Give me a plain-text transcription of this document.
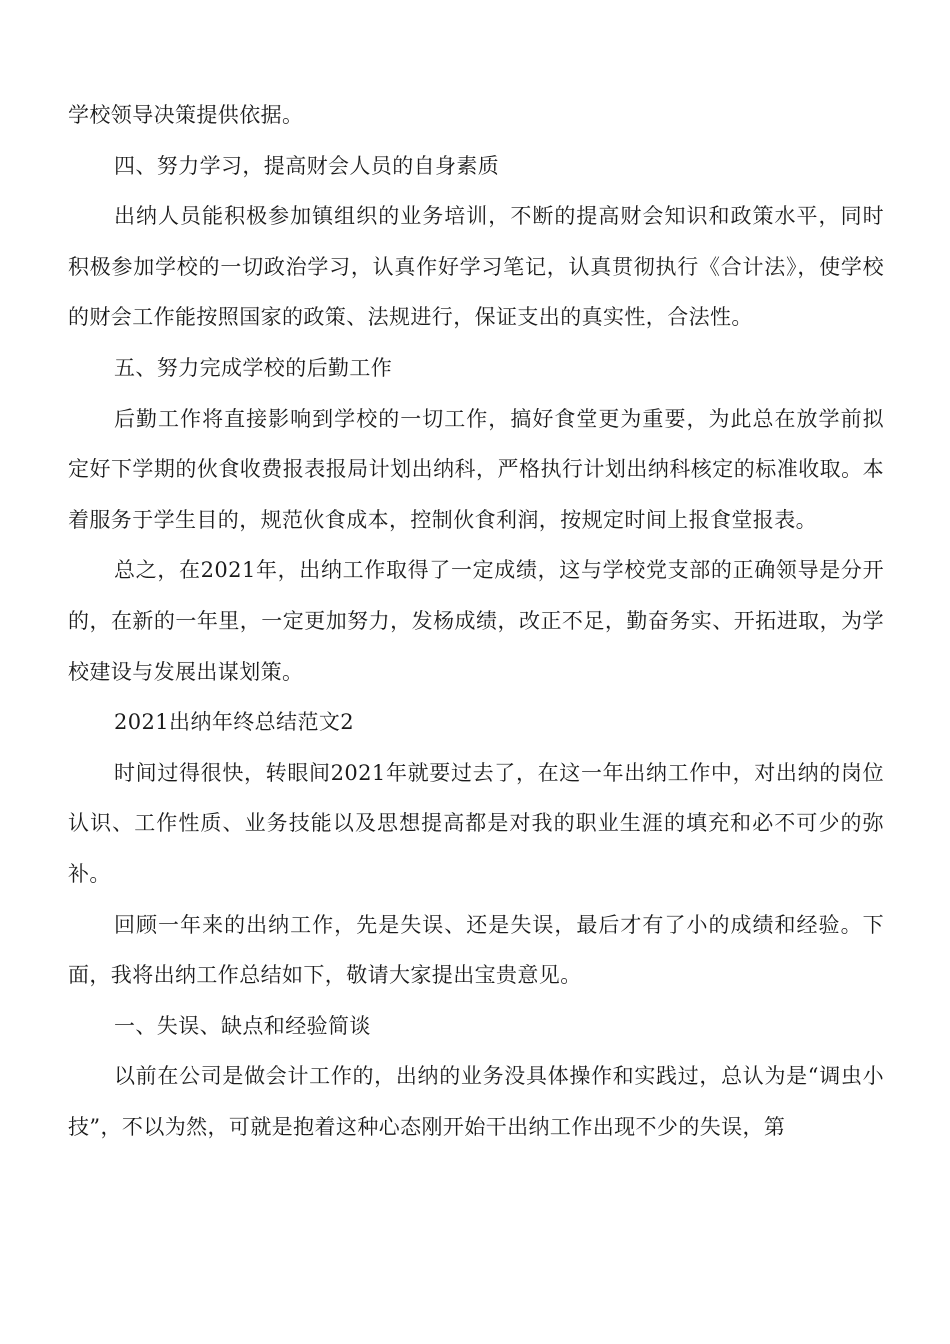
学校领导决策提供依据。

四、努力学习，提高财会人员的自身素质

出纳人员能积极参加镇组织的业务培训，不断的提高财会知识和政策水平，同时积极参加学校的一切政治学习，认真作好学习笔记，认真贯彻执行《合计法》，使学校的财会工作能按照国家的政策、法规进行，保证支出的真实性，合法性。

五、努力完成学校的后勤工作

后勤工作将直接影响到学校的一切工作，搞好食堂更为重要，为此总在放学前拟定好下学期的伙食收费报表报局计划出纳科，严格执行计划出纳科核定的标准收取。本着服务于学生目的，规范伙食成本，控制伙食利润，按规定时间上报食堂报表。

总之，在2021年，出纳工作取得了一定成绩，这与学校党支部的正确领导是分开的，在新的一年里，一定更加努力，发杨成绩，改正不足，勤奋务实、开拓进取，为学校建设与发展出谋划策。

2021出纳年终总结范文2

时间过得很快，转眼间2021年就要过去了，在这一年出纳工作中，对出纳的岗位认识、工作性质、业务技能以及思想提高都是对我的职业生涯的填充和必不可少的弥补。

回顾一年来的出纳工作，先是失误、还是失误，最后才有了小的成绩和经验。下面，我将出纳工作总结如下，敬请大家提出宝贵意见。

一、失误、缺点和经验简谈

以前在公司是做会计工作的，出纳的业务没具体操作和实践过，总认为是“调虫小技”，不以为然，可就是抱着这种心态刚开始干出纳工作出现不少的失误，第
